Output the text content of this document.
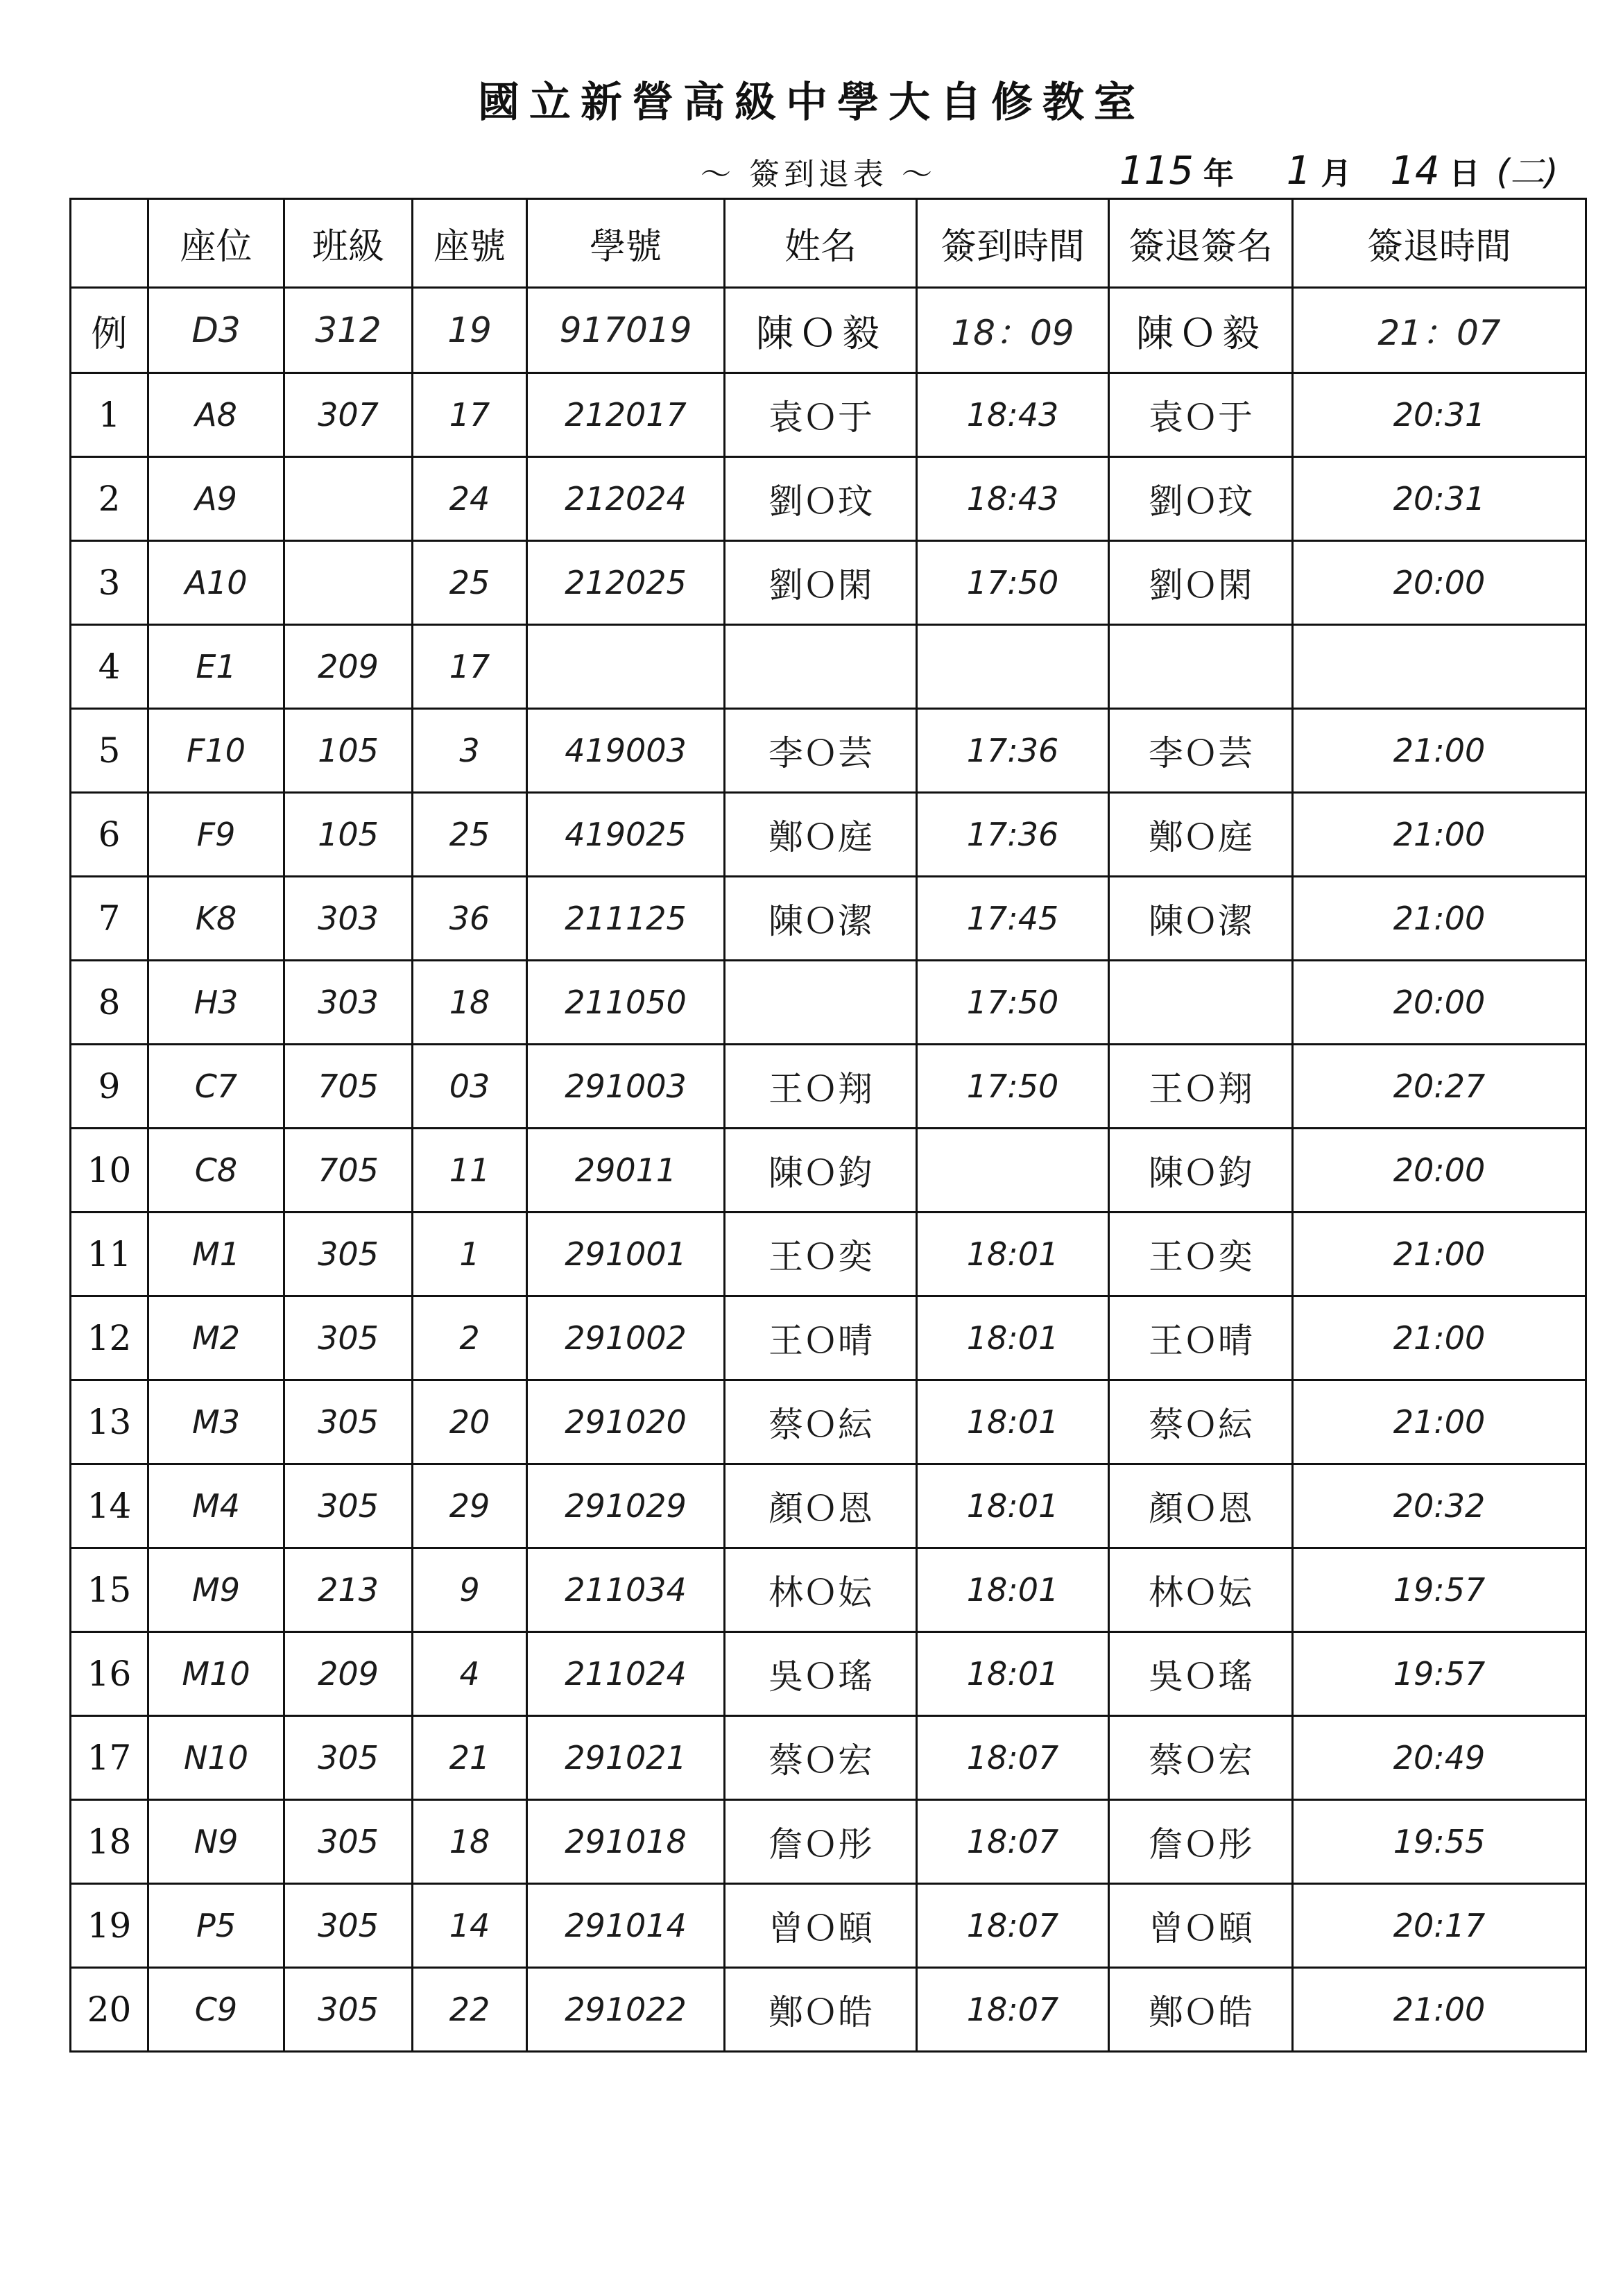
國立新營高級中學大自修教室
～ 簽到退表 ～	115 年 1 月 14 日 (二)
	座位	班級	座號	學號	姓名	簽到時間	簽退簽名	簽退時間
例	D3	312	19	917019	陳Ｏ毅	18：09	陳Ｏ毅	21：07
1	A8	307	17	212017	袁Ｏ于	18:43	袁Ｏ于	20:31
2	A9		24	212024	劉Ｏ玟	18:43	劉Ｏ玟	20:31
3	A10		25	212025	劉Ｏ閑	17:50	劉Ｏ閑	20:00
4	E1	209	17					
5	F10	105	3	419003	李Ｏ芸	17:36	李Ｏ芸	21:00
6	F9	105	25	419025	鄭Ｏ庭	17:36	鄭Ｏ庭	21:00
7	K8	303	36	211125	陳Ｏ潔	17:45	陳Ｏ潔	21:00
8	H3	303	18	211050		17:50		20:00
9	C7	705	03	291003	王Ｏ翔	17:50	王Ｏ翔	20:27
10	C8	705	11	29011	陳Ｏ鈞		陳Ｏ鈞	20:00
11	M1	305	1	291001	王Ｏ奕	18:01	王Ｏ奕	21:00
12	M2	305	2	291002	王Ｏ晴	18:01	王Ｏ晴	21:00
13	M3	305	20	291020	蔡Ｏ紜	18:01	蔡Ｏ紜	21:00
14	M4	305	29	291029	顏Ｏ恩	18:01	顏Ｏ恩	20:32
15	M9	213	9	211034	林Ｏ妘	18:01	林Ｏ妘	19:57
16	M10	209	4	211024	吳Ｏ瑤	18:01	吳Ｏ瑤	19:57
17	N10	305	21	291021	蔡Ｏ宏	18:07	蔡Ｏ宏	20:49
18	N9	305	18	291018	詹Ｏ彤	18:07	詹Ｏ彤	19:55
19	P5	305	14	291014	曾Ｏ頤	18:07	曾Ｏ頤	20:17
20	C9	305	22	291022	鄭Ｏ皓	18:07	鄭Ｏ皓	21:00
